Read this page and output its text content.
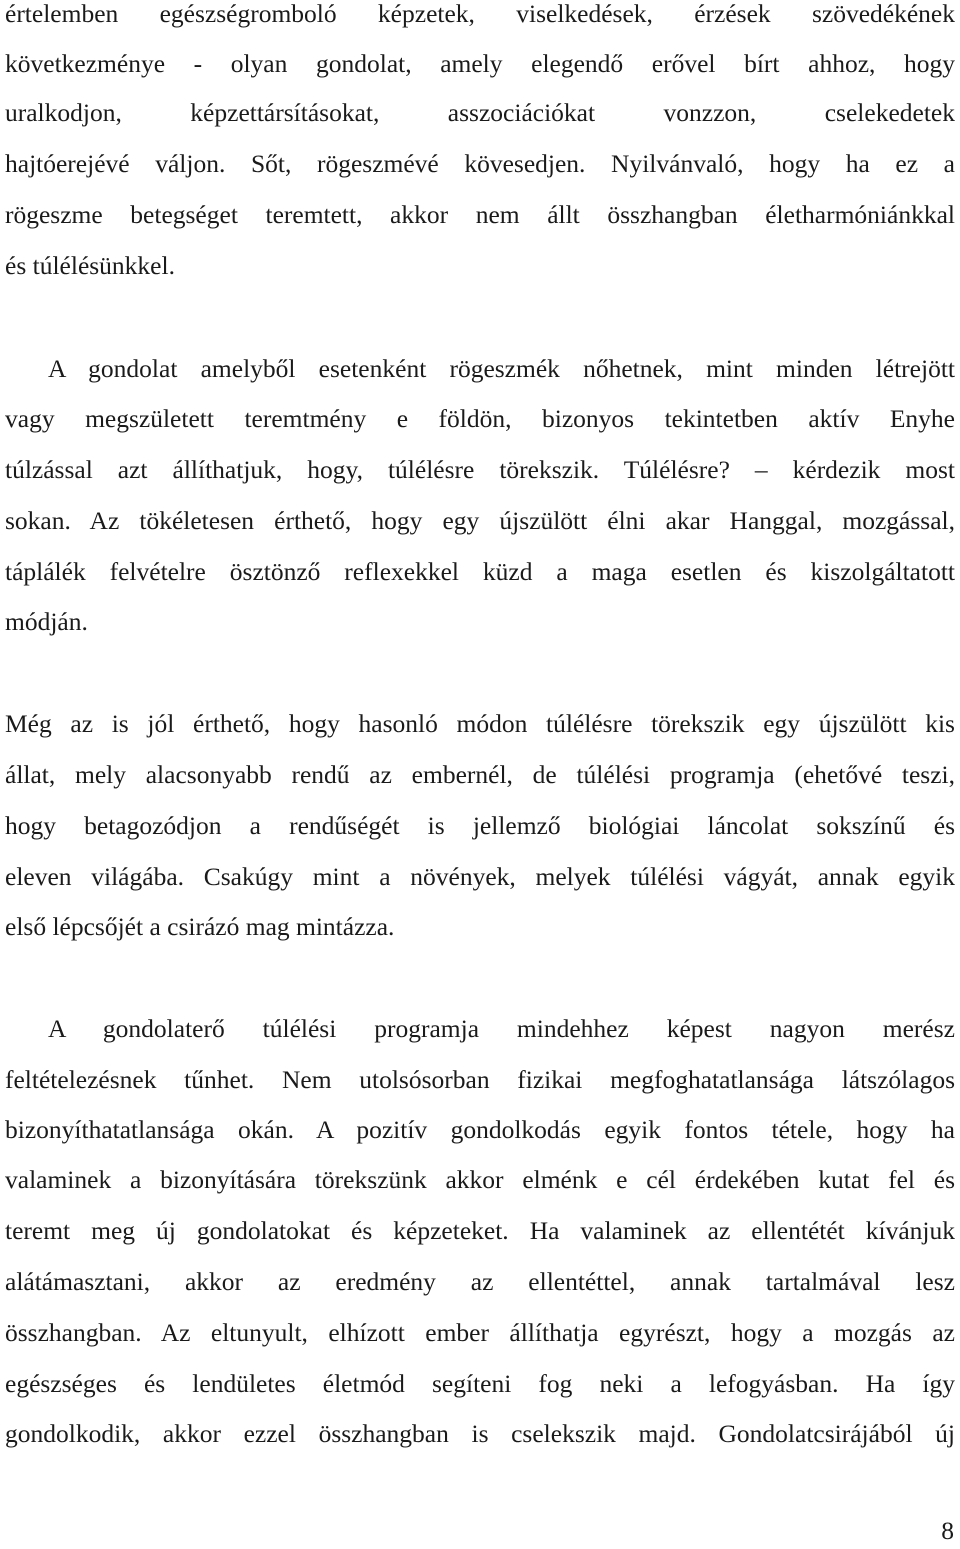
értelemben egészségromboló képzetek, viselkedések, érzések szövedékének
következménye - olyan gondolat, amely elegendő erővel bírt ahhoz, hogy
uralkodjon, képzettársításokat, asszociációkat vonzzon, cselekedetek
hajtóerejévé váljon. Sőt, rögeszmévé kövesedjen. Nyilvánvaló, hogy ha ez a
rögeszme betegséget teremtett, akkor nem állt összhangban életharmóniánkkal
és túlélésünkkel.
A gondolat amelyből esetenként rögeszmék nőhetnek, mint minden létrejött
vagy megszületett teremtmény e földön, bizonyos tekintetben aktív Enyhe
túlzással azt állíthatjuk, hogy, túlélésre törekszik. Túlélésre? – kérdezik most
sokan. Az tökéletesen érthető, hogy egy újszülött élni akar Hanggal, mozgással,
táplálék felvételre ösztönző reflexekkel küzd a maga esetlen és kiszolgáltatott
módján.
Még az is jól érthető, hogy hasonló módon túlélésre törekszik egy újszülött kis
állat, mely alacsonyabb rendű az embernél, de túlélési programja (ehetővé teszi,
hogy betagozódjon a rendűségét is jellemző biológiai láncolat sokszínű és
eleven világába. Csakúgy mint a növények, melyek túlélési vágyát, annak egyik
első lépcsőjét a csirázó mag mintázza.
A gondolaterő túlélési programja mindehhez képest nagyon merész
feltételezésnek tűnhet. Nem utolsósorban fizikai megfoghatatlansága látszólagos
bizonyíthatatlansága okán. A pozitív gondolkodás egyik fontos tétele, hogy ha
valaminek a bizonyítására törekszünk akkor elménk e cél érdekében kutat fel és
teremt meg új gondolatokat és képzeteket. Ha valaminek az ellentétét kívánjuk
alátámasztani, akkor az eredmény az ellentéttel, annak tartalmával lesz
összhangban. Az eltunyult, elhízott ember állíthatja egyrészt, hogy a mozgás az
egészséges és lendületes életmód segíteni fog neki a lefogyásban. Ha így
gondolkodik, akkor ezzel összhangban is cselekszik majd. Gondolatcsirájából új
8
